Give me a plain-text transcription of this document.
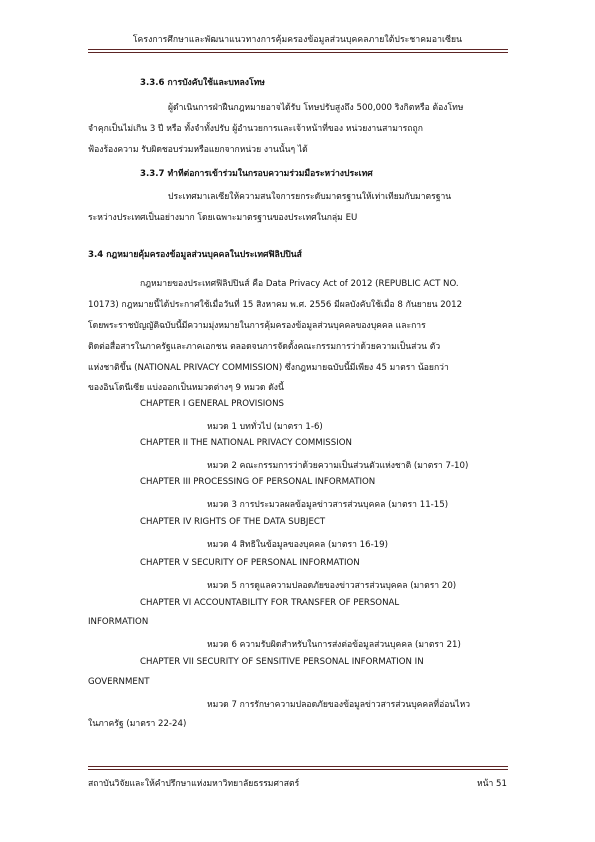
โครงการศึกษาและพัฒนาแนวทางการคุ้มครองข้อมูลส่วนบุคคลภายใต้ประชาคมอาเซียน
3.3.6 การบังคับใช้และบทลงโทษ
ผู้ดำเนินการฝ่าฝืนกฎหมายอาจได้รับ โทษปรับสูงถึง 500,000 ริงกิตหรือ ต้องโทษ
จำคุกเป็นไม่เกิน 3 ปี หรือ ทั้งจำทั้งปรับ ผู้อำนวยการและเจ้าหน้าที่ของ หน่วยงานสามารถถูก
ฟ้องร้องความ รับผิดชอบร่วมหรือแยกจากหน่วย งานนั้นๆ ได้
3.3.7 ทำทีต่อการเข้าร่วมในกรอบความร่วมมือระหว่างประเทศ
ประเทศมาเลเซียให้ความสนใจการยกระดับมาตรฐานให้เท่าเทียมกับมาตรฐาน
ระหว่างประเทศเป็นอย่างมาก โดยเฉพาะมาตรฐานของประเทศในกลุ่ม EU
3.4 กฎหมายคุ้มครองข้อมูลส่วนบุคคลในประเทศฟิลิปปินส์
กฎหมายของประเทศฟิลิปปินส์ คือ Data Privacy Act of 2012 (REPUBLIC ACT NO.
10173) กฎหมายนี้ได้ประกาศใช้เมื่อวันที่ 15 สิงหาคม พ.ศ. 2556 มีผลบังคับใช้เมื่อ 8 กันยายน 2012
โดยพระราชบัญญัติฉบับนี้มีความมุ่งหมายในการคุ้มครองข้อมูลส่วนบุคคลของบุคคล และการ
ติดต่อสื่อสารในภาครัฐและภาคเอกชน ตลอดจนการจัดตั้งคณะกรรมการว่าด้วยความเป็นส่วน ตัว
แห่งชาติขึ้น (NATIONAL PRIVACY COMMISSION) ซึ่งกฎหมายฉบับนี้มีเพียง 45 มาตรา น้อยกว่า
ของอินโดนีเซีย แบ่งออกเป็นหมวดต่างๆ 9 หมวด ดังนี้
CHAPTER I GENERAL PROVISIONS
หมวด 1 บททั่วไป (มาตรา 1-6)
CHAPTER II THE NATIONAL PRIVACY COMMISSION
หมวด 2 คณะกรรมการว่าด้วยความเป็นส่วนตัวแห่งชาติ (มาตรา 7-10)
CHAPTER III PROCESSING OF PERSONAL INFORMATION
หมวด 3 การประมวลผลข้อมูลข่าวสารส่วนบุคคล (มาตรา 11-15)
CHAPTER IV RIGHTS OF THE DATA SUBJECT
หมวด 4 สิทธิในข้อมูลของบุคคล (มาตรา 16-19)
CHAPTER V SECURITY OF PERSONAL INFORMATION
หมวด 5 การดูแลความปลอดภัยของข่าวสารส่วนบุคคล (มาตรา 20)
CHAPTER VI ACCOUNTABILITY FOR TRANSFER OF PERSONAL
INFORMATION
หมวด 6 ความรับผิดสำหรับในการส่งต่อข้อมูลส่วนบุคคล (มาตรา 21)
CHAPTER VII SECURITY OF SENSITIVE PERSONAL INFORMATION IN
GOVERNMENT
หมวด 7 การรักษาความปลอดภัยของข้อมูลข่าวสารส่วนบุคคลที่อ่อนไหว
ในภาครัฐ (มาตรา 22-24)
สถาบันวิจัยและให้คำปรึกษาแห่งมหาวิทยาลัยธรรมศาสตร์	หน้า 51
